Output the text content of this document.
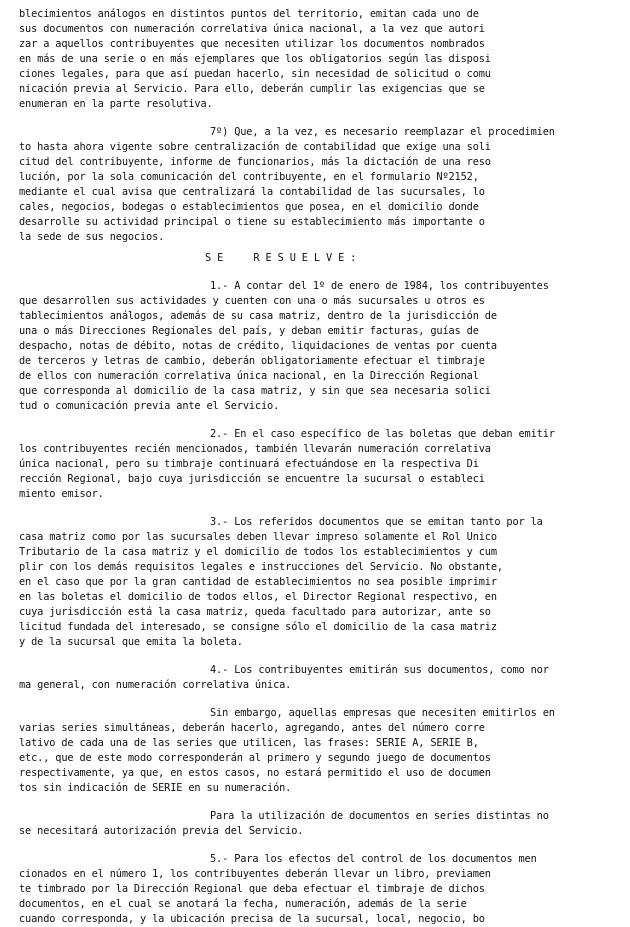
blecimientos análogos en distintos puntos del territorio, emitan cada uno de
sus documentos con numeración correlativa única nacional, a la vez que autori
zar a aquellos contribuyentes que necesiten utilizar los documentos nombrados
en más de una serie o en más ejemplares que los obligatorios según las disposi
ciones legales, para que así puedan hacerlo, sin necesidad de solicitud o comu
nicación previa al Servicio. Para ello, deberán cumplir las exigencias que se
enumeran en la parte resolutiva.
7º) Que, a la vez, es necesario reemplazar el procedimien
to hasta ahora vigente sobre centralización de contabilidad que exige una soli
citud del contribuyente, informe de funcionarios, más la dictación de una reso
lución, por la sola comunicación del contribuyente, en el formulario Nº2152,
mediante el cual avisa que centralizará la contabilidad de las sucursales, lo
cales, negocios, bodegas o establecimientos que posea, en el domicilio donde
desarrolle su actividad principal o tiene su establecimiento más importante o
la sede de sus negocios.
S E     R E S U E L V E :
1.- A contar del 1º de enero de 1984, los contribuyentes
que desarrollen sus actividades y cuenten con una o más sucursales u otros es
tablecimientos análogos, además de su casa matriz, dentro de la jurisdicción de
una o más Direcciones Regionales del país, y deban emitir facturas, guías de
despacho, notas de débito, notas de crédito, liquidaciones de ventas por cuenta
de terceros y letras de cambio, deberán obligatoriamente efectuar el timbraje
de ellos con numeración correlativa única nacional, en la Dirección Regional
que corresponda al domicilio de la casa matriz, y sin que sea necesaria solici
tud o comunicación previa ante el Servicio.
2.- En el caso específico de las boletas que deban emitir
los contribuyentes recién mencionados, también llevarán numeración correlativa
única nacional, pero su timbraje continuará efectuándose en la respectiva Di
rección Regional, bajo cuya jurisdicción se encuentre la sucursal o estableci
miento emisor.
3.- Los referidos documentos que se emitan tanto por la
casa matriz como por las sucursales deben llevar impreso solamente el Rol Unico
Tributario de la casa matriz y el domicilio de todos los establecimientos y cum
plir con los demás requisitos legales e instrucciones del Servicio. No obstante,
en el caso que por la gran cantidad de establecimientos no sea posible imprimir
en las boletas el domicilio de todos ellos, el Director Regional respectivo, en
cuya jurisdicción está la casa matriz, queda facultado para autorizar, ante so
licitud fundada del interesado, se consigne sólo el domicilio de la casa matriz
y de la sucursal que emita la boleta.
4.- Los contribuyentes emitirán sus documentos, como nor
ma general, con numeración correlativa única.
Sin embargo, aquellas empresas que necesiten emitirlos en
varias series simultáneas, deberán hacerlo, agregando, antes del número corre
lativo de cada una de las series que utilicen, las frases: SERIE A, SERIE B,
etc., que de este modo corresponderán al primero y segundo juego de documentos
respectivamente, ya que, en estos casos, no estará permitido el uso de documen
tos sin indicación de SERIE en su numeración.
Para la utilización de documentos en series distintas no
se necesitará autorización previa del Servicio.
5.- Para los efectos del control de los documentos men
cionados en el número 1, los contribuyentes deberán llevar un libro, previamen
te timbrado por la Dirección Regional que deba efectuar el timbraje de dichos
documentos, en el cual se anotará la fecha, numeración, además de la serie
cuando corresponda, y la ubicación precisa de la sucursal, local, negocio, bo
